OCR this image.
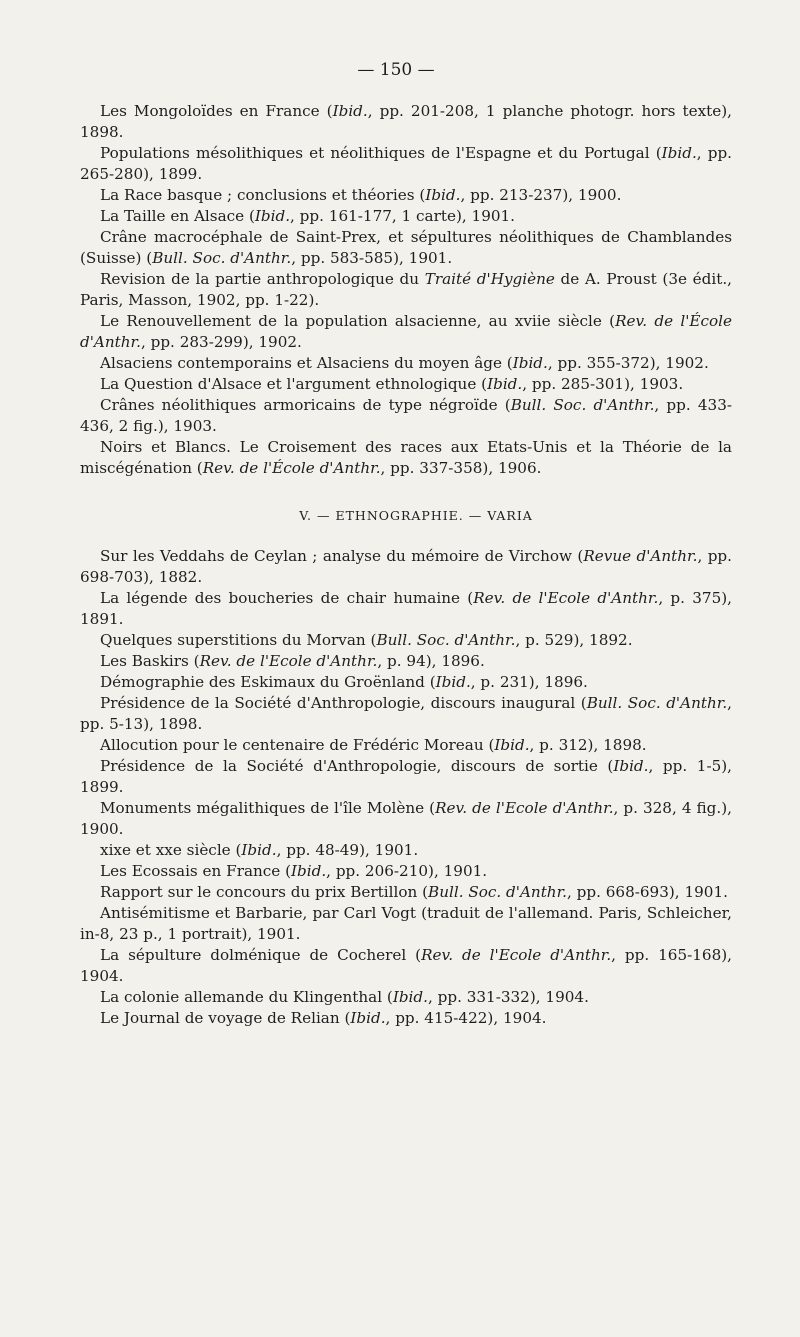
— 150 —

Les Mongoloïdes en France (Ibid., pp. 201-208, 1 planche photogr. hors texte), 1898.

Populations mésolithiques et néolithiques de l'Espagne et du Portugal (Ibid., pp. 265-280), 1899.

La Race basque ; conclusions et théories (Ibid., pp. 213-237), 1900.

La Taille en Alsace (Ibid., pp. 161-177, 1 carte), 1901.

Crâne macrocéphale de Saint-Prex, et sépultures néolithiques de Chamblandes (Suisse) (Bull. Soc. d'Anthr., pp. 583-585), 1901.

Revision de la partie anthropologique du Traité d'Hygiène de A. Proust (3e édit., Paris, Masson, 1902, pp. 1-22).

Le Renouvellement de la population alsacienne, au xviie siècle (Rev. de l'École d'Anthr., pp. 283-299), 1902.

Alsaciens contemporains et Alsaciens du moyen âge (Ibid., pp. 355-372), 1902.

La Question d'Alsace et l'argument ethnologique (Ibid., pp. 285-301), 1903.

Crânes néolithiques armoricains de type négroïde (Bull. Soc. d'Anthr., pp. 433-436, 2 fig.), 1903.

Noirs et Blancs. Le Croisement des races aux Etats-Unis et la Théorie de la miscégénation (Rev. de l'École d'Anthr., pp. 337-358), 1906.

V. — ETHNOGRAPHIE. — VARIA

Sur les Veddahs de Ceylan ; analyse du mémoire de Virchow (Revue d'Anthr., pp. 698-703), 1882.

La légende des boucheries de chair humaine (Rev. de l'Ecole d'Anthr., p. 375), 1891.

Quelques superstitions du Morvan (Bull. Soc. d'Anthr., p. 529), 1892.

Les Baskirs (Rev. de l'Ecole d'Anthr., p. 94), 1896.

Démographie des Eskimaux du Groënland (Ibid., p. 231), 1896.

Présidence de la Société d'Anthropologie, discours inaugural (Bull. Soc. d'Anthr., pp. 5-13), 1898.

Allocution pour le centenaire de Frédéric Moreau (Ibid., p. 312), 1898.

Présidence de la Société d'Anthropologie, discours de sortie (Ibid., pp. 1-5), 1899.

Monuments mégalithiques de l'île Molène (Rev. de l'Ecole d'Anthr., p. 328, 4 fig.), 1900.

xixe et xxe siècle (Ibid., pp. 48-49), 1901.

Les Ecossais en France (Ibid., pp. 206-210), 1901.

Rapport sur le concours du prix Bertillon (Bull. Soc. d'Anthr., pp. 668-693), 1901.

Antisémitisme et Barbarie, par Carl Vogt (traduit de l'allemand. Paris, Schleicher, in-8, 23 p., 1 portrait), 1901.

La sépulture dolménique de Cocherel (Rev. de l'Ecole d'Anthr., pp. 165-168), 1904.

La colonie allemande du Klingenthal (Ibid., pp. 331-332), 1904.

Le Journal de voyage de Relian (Ibid., pp. 415-422), 1904.
